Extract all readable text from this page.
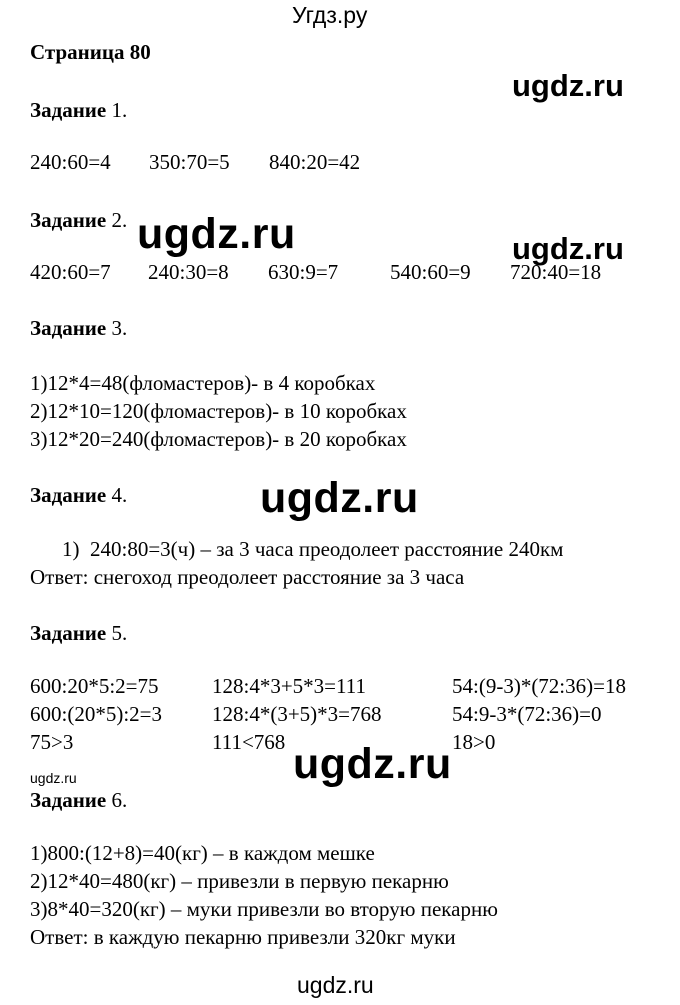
Угдз.ру
Страница 80
ugdz.ru
ugdz.ru	ugdz.ru
ugdz.ru
ugdz.ru
ugdz.ru
ugdz.ru
Задание 1.
240:60=4 350:70=5 840:20=42
Задание 2.
420:60=7 240:30=8 630:9=7 540:60=9 720:40=18
Задание 3.
1)12*4=48(фломастеров)- в 4 коробках
2)12*10=120(фломастеров)- в 10 коробках
3)12*20=240(фломастеров)- в 20 коробках
Задание 4.
1)  240:80=3(ч) – за 3 часа преодолеет расстояние 240км
Ответ: снегоход преодолеет расстояние за 3 часа
Задание 5.
600:20*5:2=75	128:4*3+5*3=111	54:(9-3)*(72:36)=18
600:(20*5):2=3 128:4*(3+5)*3=768	54:9-3*(72:36)=0
75>3	111<768	18>0
Задание 6.
1)800:(12+8)=40(кг) – в каждом мешке
2)12*40=480(кг) – привезли в первую пекарню
3)8*40=320(кг) – муки привезли во вторую пекарню
Ответ: в каждую пекарню привезли 320кг муки
